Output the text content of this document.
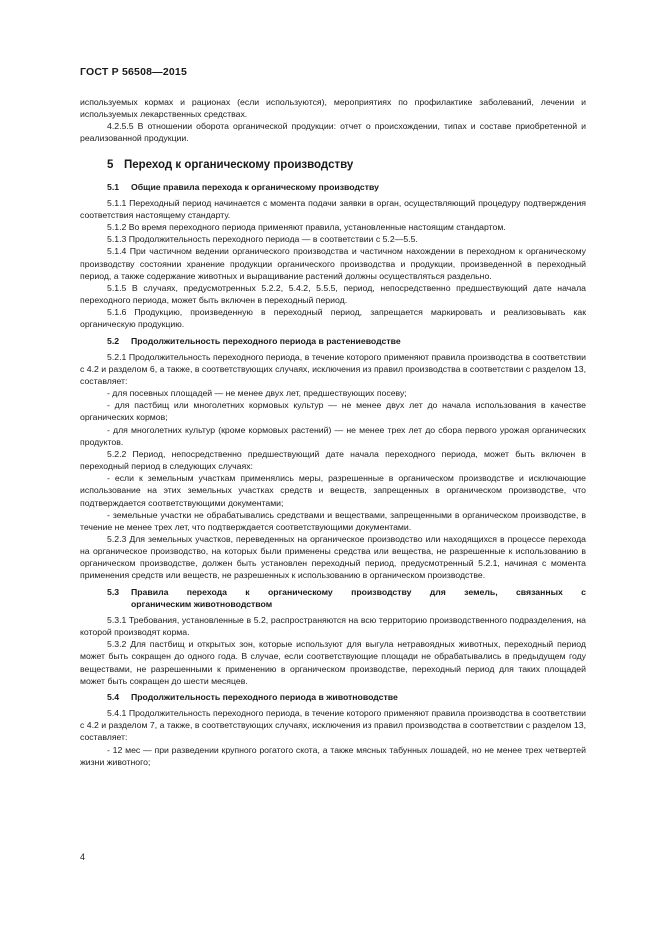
ГОСТ Р 56508—2015

используемых кормах и рационах (если используются), мероприятиях по профилактике заболеваний, лечении и используемых лекарственных средствах.

4.2.5.5 В отношении оборота органической продукции: отчет о происхождении, типах и составе приобретенной и реализованной продукции.

5 Переход к органическому производству

5.1 Общие правила перехода к органическому производству

5.1.1 Переходный период начинается с момента подачи заявки в орган, осуществляющий процедуру подтверждения соответствия настоящему стандарту.

5.1.2 Во время переходного периода применяют правила, установленные настоящим стандартом.

5.1.3 Продолжительность переходного периода — в соответствии с 5.2—5.5.

5.1.4 При частичном ведении органического производства и частичном нахождении в переходном к органическому производству состоянии хранение продукции органического производства и продукции, произведенной в переходный период, а также содержание животных и выращивание растений должны осуществляться раздельно.

5.1.5 В случаях, предусмотренных 5.2.2, 5.4.2, 5.5.5, период, непосредственно предшествующий дате начала переходного периода, может быть включен в переходный период.

5.1.6 Продукцию, произведенную в переходный период, запрещается маркировать и реализовывать как органическую продукцию.

5.2 Продолжительность переходного периода в растениеводстве

5.2.1 Продолжительность переходного периода, в течение которого применяют правила производства в соответствии с 4.2 и разделом 6, а также, в соответствующих случаях, исключения из правил производства в соответствии с разделом 13, составляет:

- для посевных площадей — не менее двух лет, предшествующих посеву;

- для пастбищ или многолетних кормовых культур — не менее двух лет до начала использования в качестве органических кормов;

- для многолетних культур (кроме кормовых растений) — не менее трех лет до сбора первого урожая органических продуктов.

5.2.2 Период, непосредственно предшествующий дате начала переходного периода, может быть включен в переходный период в следующих случаях:

- если к земельным участкам применялись меры, разрешенные в органическом производстве и исключающие использование на этих земельных участках средств и веществ, запрещенных в органическом производстве, что подтверждается соответствующими документами;

- земельные участки не обрабатывались средствами и веществами, запрещенными в органическом производстве, в течение не менее трех лет, что подтверждается соответствующими документами.

5.2.3 Для земельных участков, переведенных на органическое производство или находящихся в процессе перехода на органическое производство, на которых были применены средства или вещества, не разрешенные к использованию в органическом производстве, должен быть установлен переходный период, предусмотренный 5.2.1, начиная с момента применения средств или веществ, не разрешенных к использованию в органическом производстве.

5.3 Правила перехода к органическому производству для земель, связанных с
органическим животноводством

5.3.1 Требования, установленные в 5.2, распространяются на всю территорию производственного подразделения, на которой производят корма.

5.3.2 Для пастбищ и открытых зон, которые используют для выгула нетравоядных животных, переходный период может быть сокращен до одного года. В случае, если соответствующие площади не обрабатывались в предыдущем году веществами, не разрешенными к применению в органическом производстве, переходный период для таких площадей может быть сокращен до шести месяцев.

5.4 Продолжительность переходного периода в животноводстве

5.4.1 Продолжительность переходного периода, в течение которого применяют правила производства в соответствии с 4.2 и разделом 7, а также, в соответствующих случаях, исключения из правил производства в соответствии с разделом 13, составляет:

- 12 мес — при разведении крупного рогатого скота, а также мясных табунных лошадей, но не менее трех четвертей жизни животного;

4
